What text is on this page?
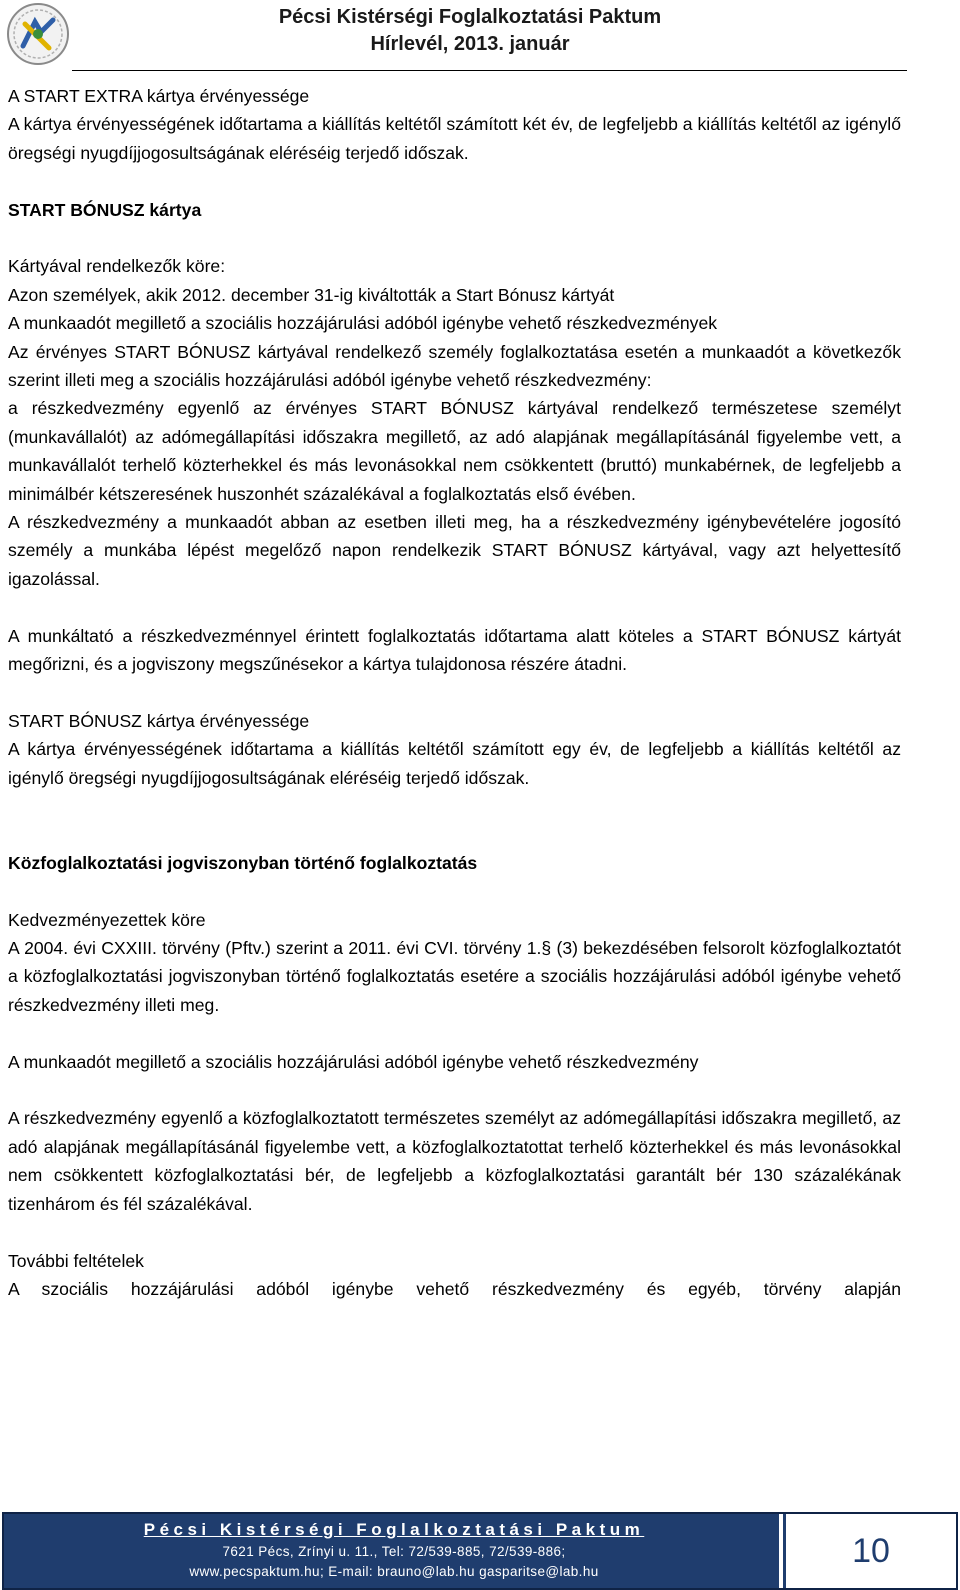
Pécsi Kistérségi Foglalkoztatási Paktum
Hírlevél, 2013. január

A START EXTRA kártya érvényessége

A kártya érvényességének időtartama a kiállítás keltétől számított két év, de legfeljebb a kiállítás keltétől az igénylő öregségi nyugdíjjogosultságának eléréséig terjedő időszak.

START BÓNUSZ kártya

Kártyával rendelkezők köre:

Azon személyek, akik 2012. december 31-ig kiváltották a Start Bónusz kártyát

A munkaadót megillető a szociális hozzájárulási adóból igénybe vehető részkedvezmények

Az érvényes START BÓNUSZ kártyával rendelkező személy foglalkoztatása esetén a munkaadót a következők szerint illeti meg a szociális hozzájárulási adóból igénybe vehető részkedvezmény:

a részkedvezmény egyenlő az érvényes START BÓNUSZ kártyával rendelkező természetese személyt (munkavállalót) az adómegállapítási időszakra megillető, az adó alapjának megállapításánál figyelembe vett, a munkavállalót terhelő közterhekkel és más levonásokkal nem csökkentett (bruttó) munkabérnek, de legfeljebb a minimálbér kétszeresének huszonhét százalékával a foglalkoztatás első évében.

A részkedvezmény a munkaadót abban az esetben illeti meg, ha a részkedvezmény igénybevételére jogosító személy a munkába lépést megelőző napon rendelkezik START BÓNUSZ kártyával, vagy azt helyettesítő igazolással.

A munkáltató a részkedvezménnyel érintett foglalkoztatás időtartama alatt köteles a START BÓNUSZ kártyát megőrizni, és a jogviszony megszűnésekor a kártya tulajdonosa részére átadni.

START BÓNUSZ kártya érvényessége

A kártya érvényességének időtartama a kiállítás keltétől számított egy év, de legfeljebb a kiállítás keltétől az igénylő öregségi nyugdíjjogosultságának eléréséig terjedő időszak.

Közfoglalkoztatási jogviszonyban történő foglalkoztatás

Kedvezményezettek köre

A 2004. évi CXXIII. törvény (Pftv.) szerint a 2011. évi CVI. törvény 1.§ (3) bekezdésében felsorolt közfoglalkoztatót a közfoglalkoztatási jogviszonyban történő foglalkoztatás esetére a szociális hozzájárulási adóból igénybe vehető részkedvezmény illeti meg.

A munkaadót megillető a szociális hozzájárulási adóból igénybe vehető részkedvezmény

A részkedvezmény egyenlő a közfoglalkoztatott természetes személyt az adómegállapítási időszakra megillető, az adó alapjának megállapításánál figyelembe vett, a közfoglalkoztatottat terhelő közterhekkel és más levonásokkal nem csökkentett közfoglalkoztatási bér, de legfeljebb a közfoglalkoztatási garantált bér 130 százalékának tizenhárom és fél százalékával.

További feltételek

A szociális hozzájárulási adóból igénybe vehető részkedvezmény és egyéb, törvény alapján

Pécsi Kistérségi Foglalkoztatási Paktum
7621 Pécs, Zrínyi u. 11., Tel: 72/539-885, 72/539-886;
www.pecspaktum.hu; E-mail: brauno@lab.hu gasparitse@lab.hu
10
